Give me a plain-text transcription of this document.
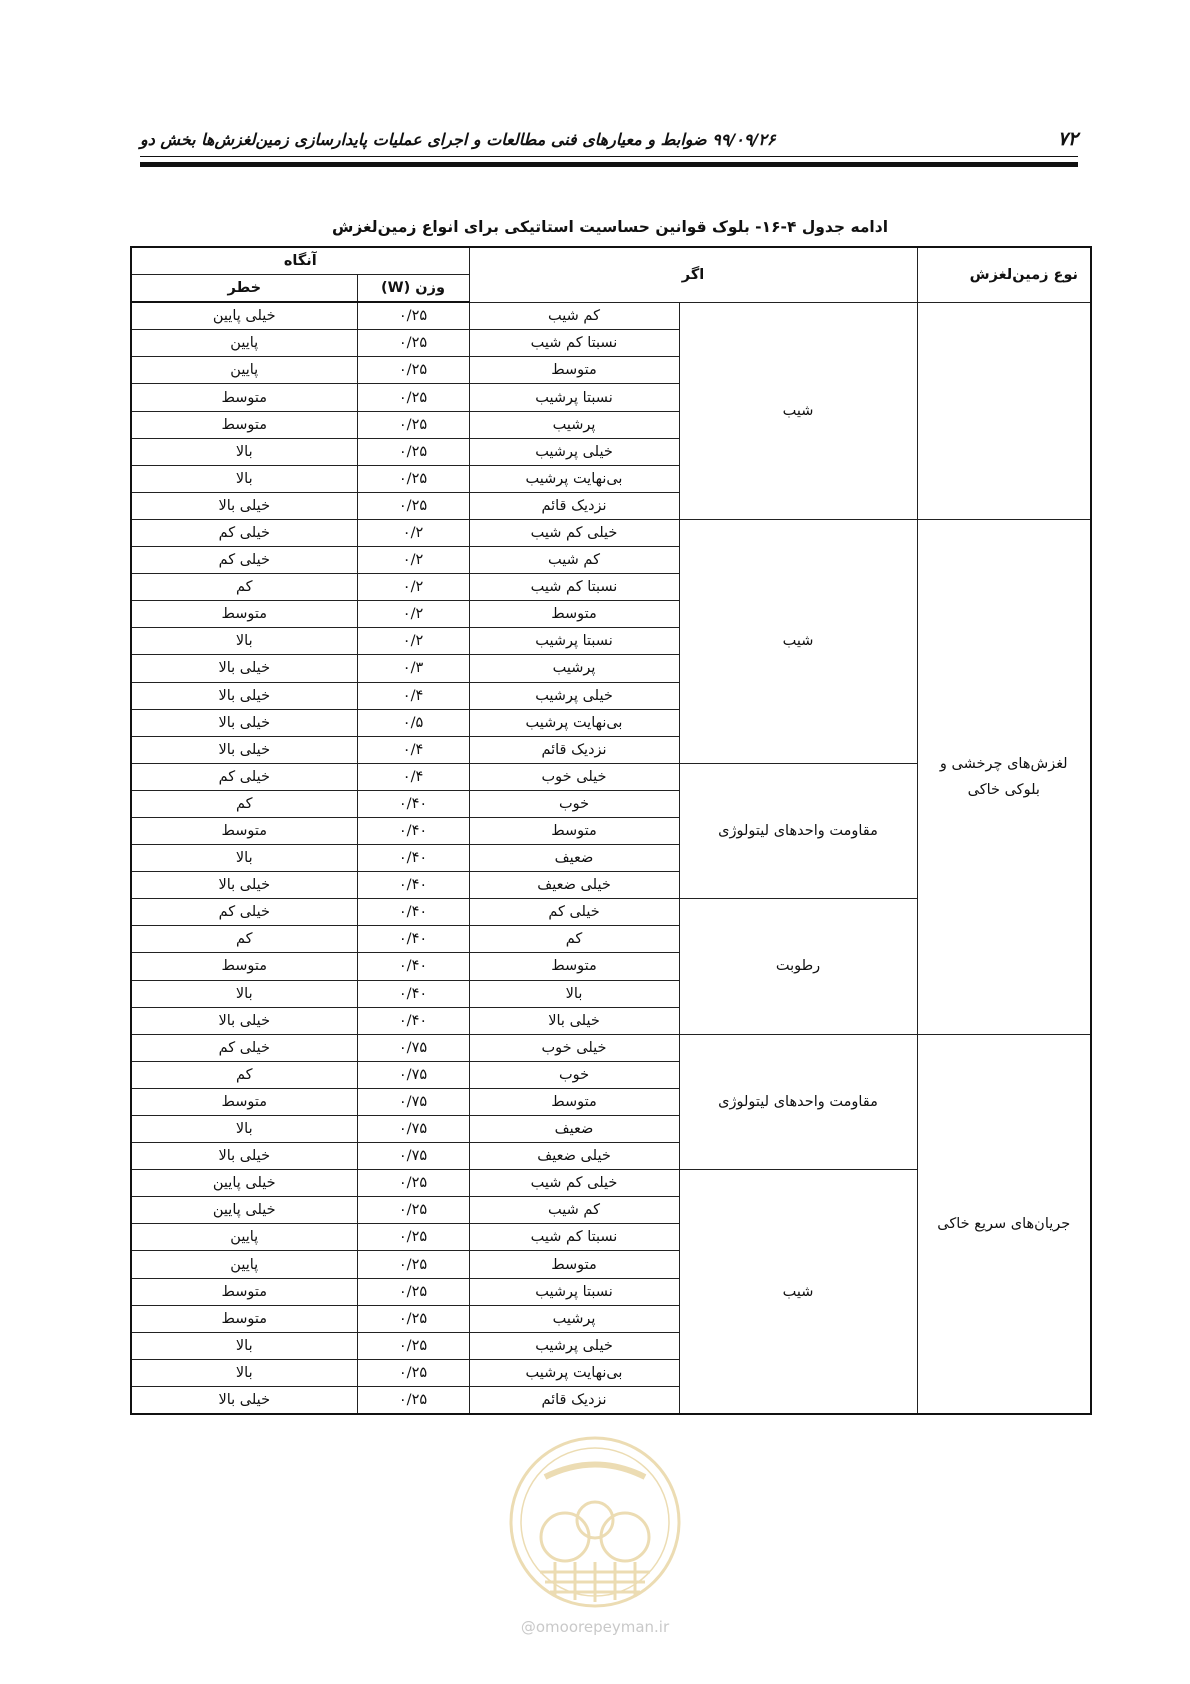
۷۲
۹۹/۰۹/۲۶ ضوابط و معیارهای فنی مطالعات و اجرای عملیات پایدارسازی زمین‌لغزش‌ها بخش دو
ادامه جدول ۴-۱۶- بلوک قوانین حساسیت استاتیکی برای انواع زمین‌لغزش
نوع زمین‌لغزش	اگر		آنگاه	
			وزن (W)	خطر
	شیب	کم شیب	۰/۲۵	خیلی پایین
		نسبتا کم شیب	۰/۲۵	پایین
		متوسط	۰/۲۵	پایین
		نسبتا پرشیب	۰/۲۵	متوسط
		پرشیب	۰/۲۵	متوسط
		خیلی پرشیب	۰/۲۵	بالا
		بی‌نهایت پرشیب	۰/۲۵	بالا
		نزدیک قائم	۰/۲۵	خیلی بالا
لغزش‌های چرخشی و بلوکی خاکی	شیب	خیلی کم شیب	۰/۲	خیلی کم
		کم شیب	۰/۲	خیلی کم
		نسبتا کم شیب	۰/۲	کم
		متوسط	۰/۲	متوسط
		نسبتا پرشیب	۰/۲	بالا
		پرشیب	۰/۳	خیلی بالا
		خیلی پرشیب	۰/۴	خیلی بالا
		بی‌نهایت پرشیب	۰/۵	خیلی بالا
		نزدیک قائم	۰/۴	خیلی بالا
	مقاومت واحدهای لیتولوژی	خیلی خوب	۰/۴	خیلی کم
		خوب	۰/۴۰	کم
		متوسط	۰/۴۰	متوسط
		ضعیف	۰/۴۰	بالا
		خیلی ضعیف	۰/۴۰	خیلی بالا
	رطوبت	خیلی کم	۰/۴۰	خیلی کم
		کم	۰/۴۰	کم
		متوسط	۰/۴۰	متوسط
		بالا	۰/۴۰	بالا
		خیلی بالا	۰/۴۰	خیلی بالا
جریان‌های سریع خاکی	مقاومت واحدهای لیتولوژی	خیلی خوب	۰/۷۵	خیلی کم
		خوب	۰/۷۵	کم
		متوسط	۰/۷۵	متوسط
		ضعیف	۰/۷۵	بالا
		خیلی ضعیف	۰/۷۵	خیلی بالا
	شیب	خیلی کم شیب	۰/۲۵	خیلی پایین
		کم شیب	۰/۲۵	خیلی پایین
		نسبتا کم شیب	۰/۲۵	پایین
		متوسط	۰/۲۵	پایین
		نسبتا پرشیب	۰/۲۵	متوسط
		پرشیب	۰/۲۵	متوسط
		خیلی پرشیب	۰/۲۵	بالا
		بی‌نهایت پرشیب	۰/۲۵	بالا
		نزدیک قائم	۰/۲۵	خیلی بالا
@omoorepeyman.ir
